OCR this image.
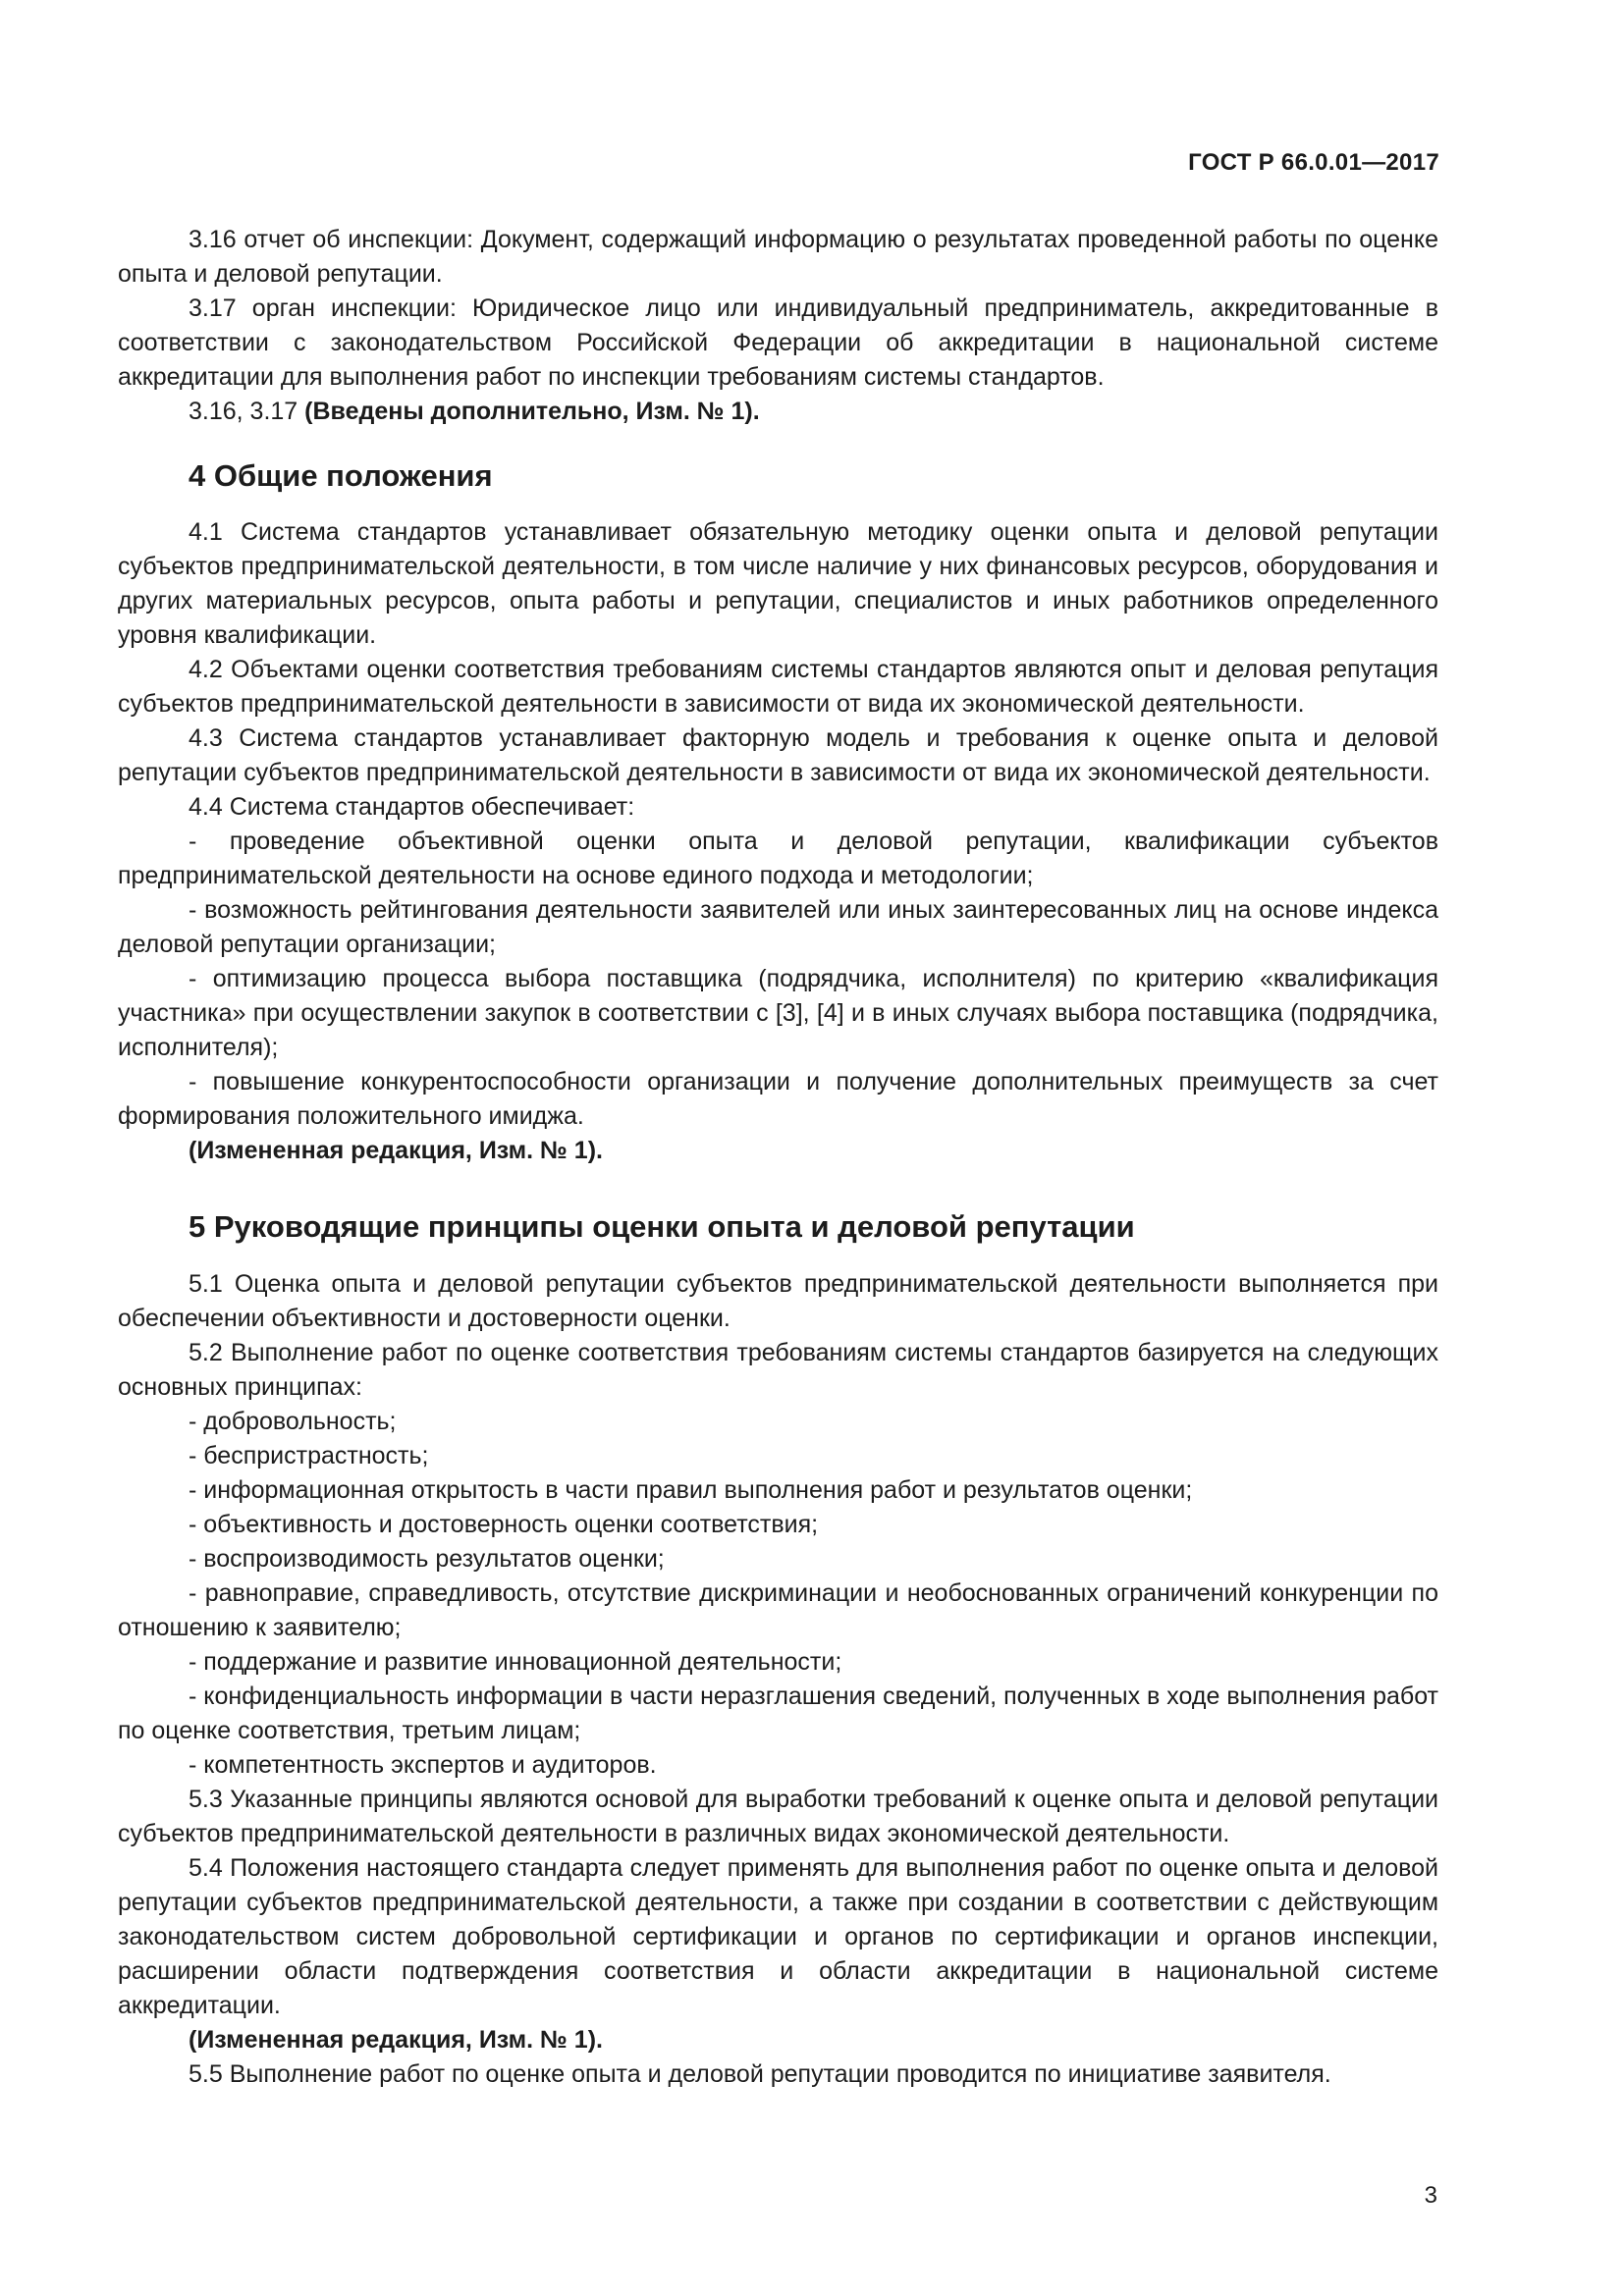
ГОСТ Р 66.0.01—2017

3.16 отчет об инспекции: Документ, содержащий информацию о результатах проведенной работы по оценке опыта и деловой репутации.

3.17 орган инспекции: Юридическое лицо или индивидуальный предприниматель, аккредитованные в соответствии с законодательством Российской Федерации об аккредитации в национальной системе аккредитации для выполнения работ по инспекции требованиям системы стандартов.

3.16, 3.17 (Введены дополнительно, Изм. № 1).

4 Общие положения

4.1 Система стандартов устанавливает обязательную методику оценки опыта и деловой репутации субъектов предпринимательской деятельности, в том числе наличие у них финансовых ресурсов, оборудования и других материальных ресурсов, опыта работы и репутации, специалистов и иных работников определенного уровня квалификации.

4.2 Объектами оценки соответствия требованиям системы стандартов являются опыт и деловая репутация субъектов предпринимательской деятельности в зависимости от вида их экономической деятельности.

4.3 Система стандартов устанавливает факторную модель и требования к оценке опыта и деловой репутации субъектов предпринимательской деятельности в зависимости от вида их экономической деятельности.

4.4 Система стандартов обеспечивает:

- проведение объективной оценки опыта и деловой репутации, квалификации субъектов предпринимательской деятельности на основе единого подхода и методологии;

- возможность рейтингования деятельности заявителей или иных заинтересованных лиц на основе индекса деловой репутации организации;

- оптимизацию процесса выбора поставщика (подрядчика, исполнителя) по критерию «квалификация участника» при осуществлении закупок в соответствии с [3], [4] и в иных случаях выбора поставщика (подрядчика, исполнителя);

- повышение конкурентоспособности организации и получение дополнительных преимуществ за счет формирования положительного имиджа.

(Измененная редакция, Изм. № 1).

5 Руководящие принципы оценки опыта и деловой репутации

5.1 Оценка опыта и деловой репутации субъектов предпринимательской деятельности выполняется при обеспечении объективности и достоверности оценки.

5.2 Выполнение работ по оценке соответствия требованиям системы стандартов базируется на следующих основных принципах:

- добровольность;

- беспристрастность;

- информационная открытость в части правил выполнения работ и результатов оценки;

- объективность и достоверность оценки соответствия;

- воспроизводимость результатов оценки;

- равноправие, справедливость, отсутствие дискриминации и необоснованных ограничений конкуренции по отношению к заявителю;

- поддержание и развитие инновационной деятельности;

- конфиденциальность информации в части неразглашения сведений, полученных в ходе выполнения работ по оценке соответствия, третьим лицам;

- компетентность экспертов и аудиторов.

5.3 Указанные принципы являются основой для выработки требований к оценке опыта и деловой репутации субъектов предпринимательской деятельности в различных видах экономической деятельности.

5.4 Положения настоящего стандарта следует применять для выполнения работ по оценке опыта и деловой репутации субъектов предпринимательской деятельности, а также при создании в соответствии с действующим законодательством систем добровольной сертификации и органов по сертификации и органов инспекции, расширении области подтверждения соответствия и области аккредитации в национальной системе аккредитации.

(Измененная редакция, Изм. № 1).

5.5 Выполнение работ по оценке опыта и деловой репутации проводится по инициативе заявителя.

3
